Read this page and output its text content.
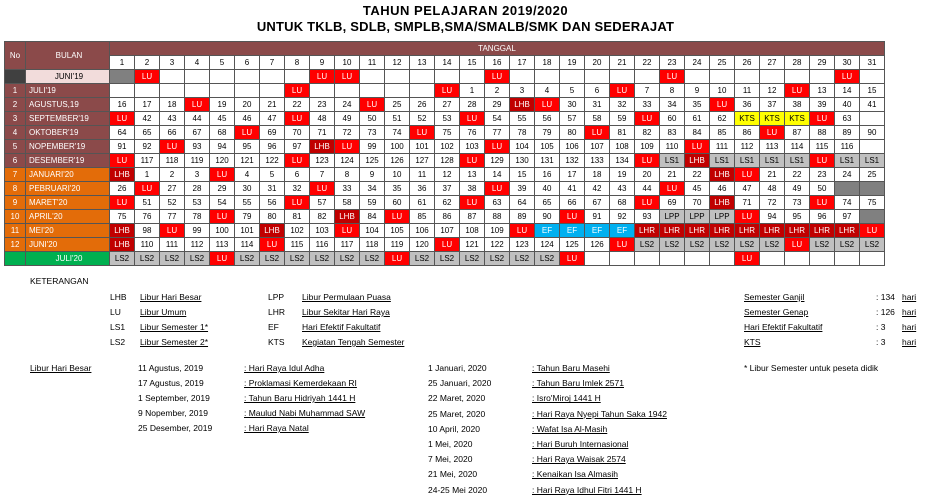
TAHUN PELAJARAN 2019/2020
UNTUK TKLB, SDLB, SMPLB,SMA/SMALB/SMK DAN SEDERAJAT
No	BULAN	TANGGAL																														
		1	2	3	4	5	6	7	8	9	10	11	12	13	14	15	16	17	18	19	20	21	22	23	24	25	26	27	28	29	30	31
	JUNI'19		LU							LU	LU						LU							LU							LU	
1	JULI'19								LU						LU	1	2	3	4	5	6	LU	7	8	9	10	11	12	LU	13	14	15
2	AGUSTUS,19	16	17	18	LU	19	20	21	22	23	24	LU	25	26	27	28	29	LHB	LU	30	31	32	33	34	35	LU	36	37	38	39	40	41
3	SEPTEMBER'19	LU	42	43	44	45	46	47	LU	48	49	50	51	52	53	LU	54	55	56	57	58	59	LU	60	61	62	KTS	KTS	KTS	LU	63	
4	OKTOBER'19	64	65	66	67	68	LU	69	70	71	72	73	74	LU	75	76	77	78	79	80	LU	81	82	83	84	85	86	LU	87	88	89	90
5	NOPEMBER'19	91	92	LU	93	94	95	96	97	LHB	LU	99	100	101	102	103	LU	104	105	106	107	108	109	110	LU	111	112	113	114	115	116	
6	DESEMBER'19	LU	117	118	119	120	121	122	LU	123	124	125	126	127	128	LU	129	130	131	132	133	134	LU	LS1	LHB	LS1	LS1	LS1	LS1	LU	LS1	LS1
7	JANUARI'20	LHB	1	2	3	LU	4	5	6	7	8	9	10	11	12	13	14	15	16	17	18	19	20	21	22	LHB	LU	21	22	23	24	25
8	PEBRUARI'20	26	LU	27	28	29	30	31	32	LU	33	34	35	36	37	38	LU	39	40	41	42	43	44	LU	45	46	47	48	49	50		
9	MARET'20	LU	51	52	53	54	55	56	LU	57	58	59	60	61	62	LU	63	64	65	66	67	68	LU	69	70	LHB	71	72	73	LU	74	75
10	APRIL'20	75	76	77	78	LU	79	80	81	82	LHB	84	LU	85	86	87	88	89	90	LU	91	92	93	LPP	LPP	LPP	LU	94	95	96	97	
11	MEI'20	LHB	98	LU	99	100	101	LHB	102	103	LU	104	105	106	107	108	109	LU	EF	EF	EF	EF	LHR	LHR	LHR	LHR	LHR	LHR	LHR	LHR	LHR	LU
12	JUNI'20	LHB	110	111	112	113	114	LU	115	116	117	118	119	120	LU	121	122	123	124	125	126	LU	LS2	LS2	LS2	LS2	LS2	LS2	LU	LS2	LS2	LS2
	JULI'20	LS2	LS2	LS2	LS2	LU	LS2	LS2	LS2	LS2	LS2	LS2	LU	LS2	LS2	LS2	LS2	LS2	LS2	LU							LU					
KETERANGAN
LHB Libur Hari Besar
LU Libur Umum
LS1 Libur Semester 1*
LS2 Libur Semester 2*
LPP Libur Permulaan Puasa
LHR Libur Sekitar Hari Raya
EF	Hari Efektif Fakultatif
KTS Kegiatan Tengah Semester
Semester Ganjil	: 134 hari
Semester Genap	: 126 hari
Hari Efektif Fakultatif	: 3 hari
KTS	: 3 hari
Libur Hari Besar	11 Agustus, 2019	: Hari Raya Idul Adha
17 Agustus, 2019	: Proklamasi Kemerdekaan RI
1 September, 2019	: Tahun Baru Hidriyah 1441 H
9 Nopember, 2019	: Maulud Nabi Muhammad SAW
25 Desember, 2019	: Hari Raya Natal
1 Januari, 2020	: Tahun Baru Masehi
25 Januari, 2020	: Tahun Baru Imlek 2571
22 Maret, 2020	: Isro'Miroj 1441 H
25 Maret, 2020	: Hari Raya Nyepi Tahun Saka 1942
10 April, 2020	: Wafat Isa Al-Masih
1 Mei, 2020	: Hari Buruh Internasional
7 Mei, 2020	: Hari Raya Waisak 2574
21 Mei, 2020	: Kenaikan Isa Almasih
24-25 Mei 2020	: Hari Raya Idhul Fitri 1441 H
* Libur Semester untuk peseta didik
